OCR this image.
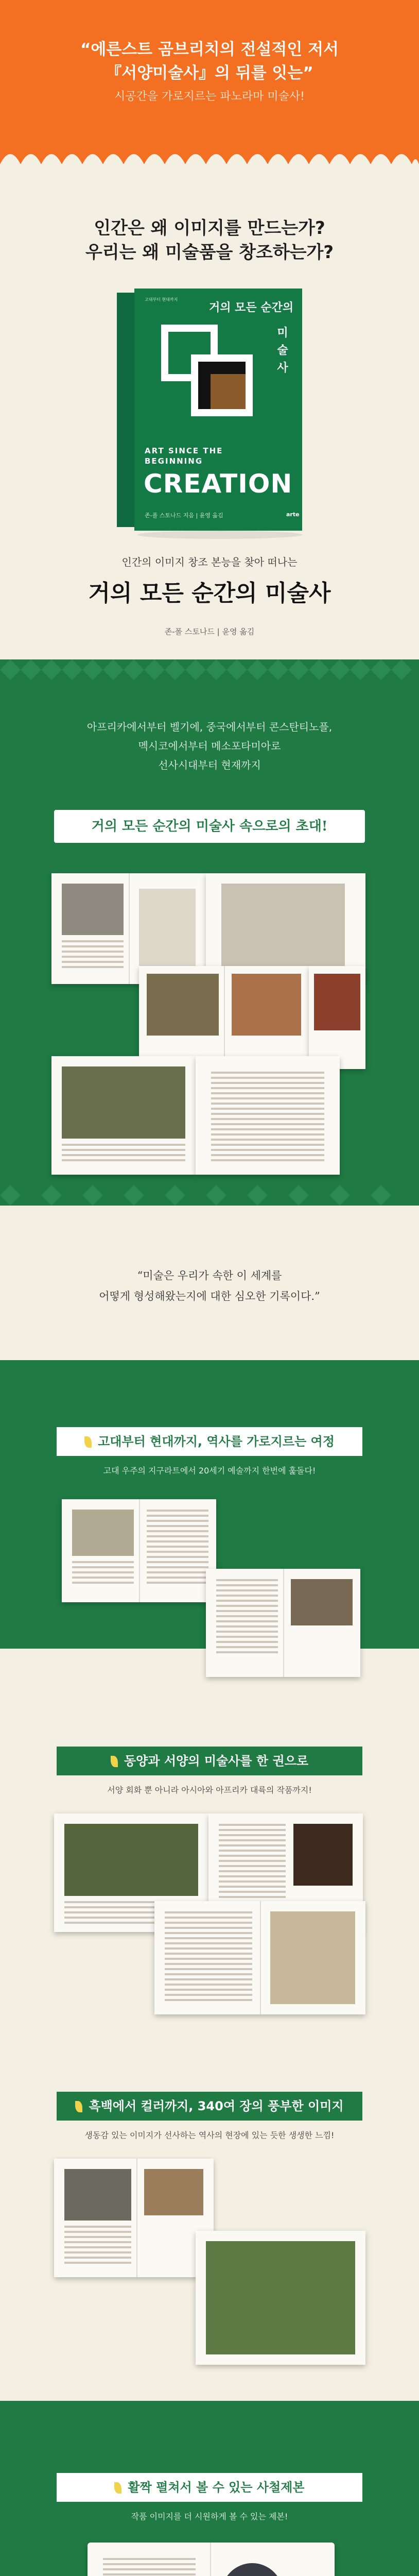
“에른스트 곰브리치의 전설적인 저서
『서양미술사』의 뒤를 잇는”
시공간을 가로지르는 파노라마 미술사!
인간은 왜 이미지를 만드는가?
우리는 왜 미술품을 창조하는가?
고대부터 현대까지
거의 모든 순간의
미술사
ART SINCE THE BEGINNING
CREATION
존-폴 스토나드 지음 | 윤영 옮김	arte
인간의 이미지 창조 본능을 찾아 떠나는
거의 모든 순간의 미술사
존-폴 스토나드 | 윤영 옮김
아프리카에서부터 벨기에, 중국에서부터 콘스탄티노플,
멕시코에서부터 메소포타미아로
선사시대부터 현재까지
거의 모든 순간의 미술사 속으로의 초대!
“미술은 우리가 속한 이 세계를
어떻게 형성해왔는지에 대한 심오한 기록이다.”
고대부터 현대까지, 역사를 가로지르는 여정
고대 우주의 지구라트에서 20세기 예술까지 한번에 훑돌다!
동양과 서양의 미술사를 한 권으로
서양 회화 뿐 아니라 아시아와 아프리카 대륙의 작품까지!
흑백에서 컬러까지, 340여 장의 풍부한 이미지
생동감 있는 이미지가 선사하는 역사의 현장에 있는 듯한 생생한 느낌!
활짝 펼쳐서 볼 수 있는 사철제본
작품 이미지를 더 시원하게 볼 수 있는 제본!
